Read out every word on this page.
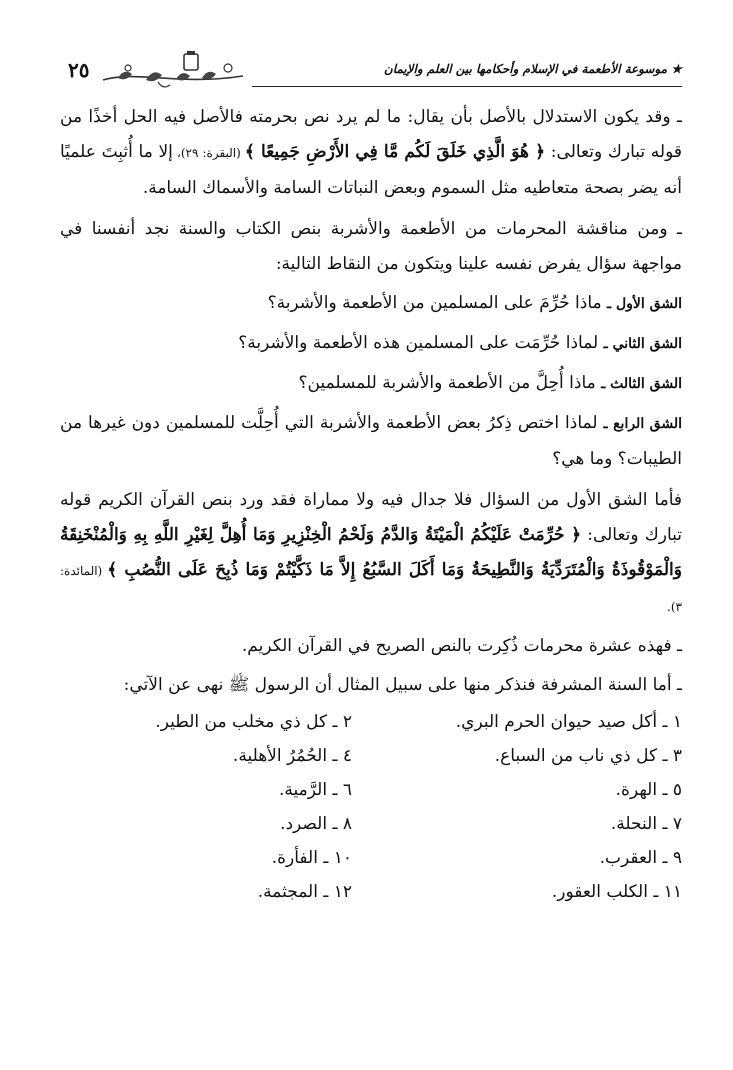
٢٥	★ موسوعة الأطعمة في الإسلام وأحكامها بين العلم والإيمان

ـ وقد يكون الاستدلال بالأصل بأن يقال: ما لم يرد نص بحرمته فالأصل فيه الحل أخذًا من قوله تبارك وتعالى: ﴿ هُوَ الَّذِي خَلَقَ لَكُم مَّا فِي الأَرْضِ جَمِيعًا ﴾ (البقرة: ٢٩)، إلا ما أُثبِتَ علميًا أنه يضر بصحة متعاطيه مثل السموم وبعض النباتات السامة والأسماك السامة.

ـ ومن مناقشة المحرمات من الأطعمة والأشربة بنص الكتاب والسنة نجد أنفسنا في مواجهة سؤال يفرض نفسه علينا ويتكون من النقاط التالية:

الشق الأول ـ ماذا حُرِّمَ على المسلمين من الأطعمة والأشربة؟

الشق الثاني ـ لماذا حُرِّمَت على المسلمين هذه الأطعمة والأشربة؟

الشق الثالث ـ ماذا أُحِلَّ من الأطعمة والأشربة للمسلمين؟

الشق الرابع ـ لماذا اختص ذِكرُ بعض الأطعمة والأشربة التي أُحِلَّت للمسلمين دون غيرها من الطيبات؟ وما هي؟

فأما الشق الأول من السؤال فلا جدال فيه ولا مماراة فقد ورد بنص القرآن الكريم قوله تبارك وتعالى: ﴿ حُرِّمَتْ عَلَيْكُمُ الْمَيْتَةُ وَالدَّمُ وَلَحْمُ الْخِنْزِيرِ وَمَا أُهِلَّ لِغَيْرِ اللَّهِ بِهِ وَالْمُنْخَنِقَةُ وَالْمَوْقُوذَةُ وَالْمُتَرَدِّيَةُ وَالنَّطِيحَةُ وَمَا أَكَلَ السَّبُعُ إِلاَّ مَا ذَكَّيْتُمْ وَمَا ذُبِحَ عَلَى النُّصُبِ ﴾ (المائدة: ٣).

ـ فهذه عشرة محرمات ذُكِرت بالنص الصريح في القرآن الكريم.

ـ أما السنة المشرفة فنذكر منها على سبيل المثال أن الرسول ﷺ نهى عن الآتي:

١ ـ أكل صيد حيوان الحرم البري.
٢ ـ كل ذي مخلب من الطير.
٣ ـ كل ذي ناب من السباع.
٤ ـ الحُمُرُ الأهلية.
٥ ـ الهرة.
٦ ـ الرَّمية.
٧ ـ النحلة.
٨ ـ الصرد.
٩ ـ العقرب.
١٠ ـ الفأرة.
١١ ـ الكلب العقور.
١٢ ـ المجثمة.
